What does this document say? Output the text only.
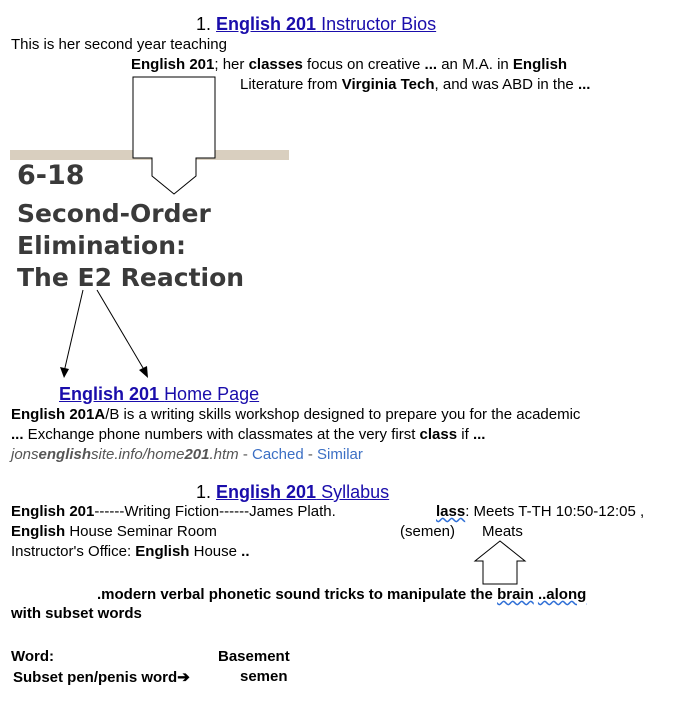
1. English 201 Instructor Bios
This is her second year teaching
English 201; her classes focus on creative ... an M.A. in English
Literature from Virginia Tech, and was ABD in the ...
6-18
Second-Order
Elimination:
The E2 Reaction
English 201 Home Page
English 201A/B is a writing skills workshop designed to prepare you for the academic
... Exchange phone numbers with classmates at the very first class if ...
jonsenglishsite.info/home201.htm - Cached - Similar
1. English 201 Syllabus
English 201------Writing Fiction------James Plath.	lass: Meets T-TH 10:50-12:05 ,
English House Seminar Room	(semen) Meats
Instructor's Office: English House ..
.modern verbal phonetic sound tricks to manipulate the brain ..along
with subset words
Word:	Basement
Subset pen/penis word➔	semen
